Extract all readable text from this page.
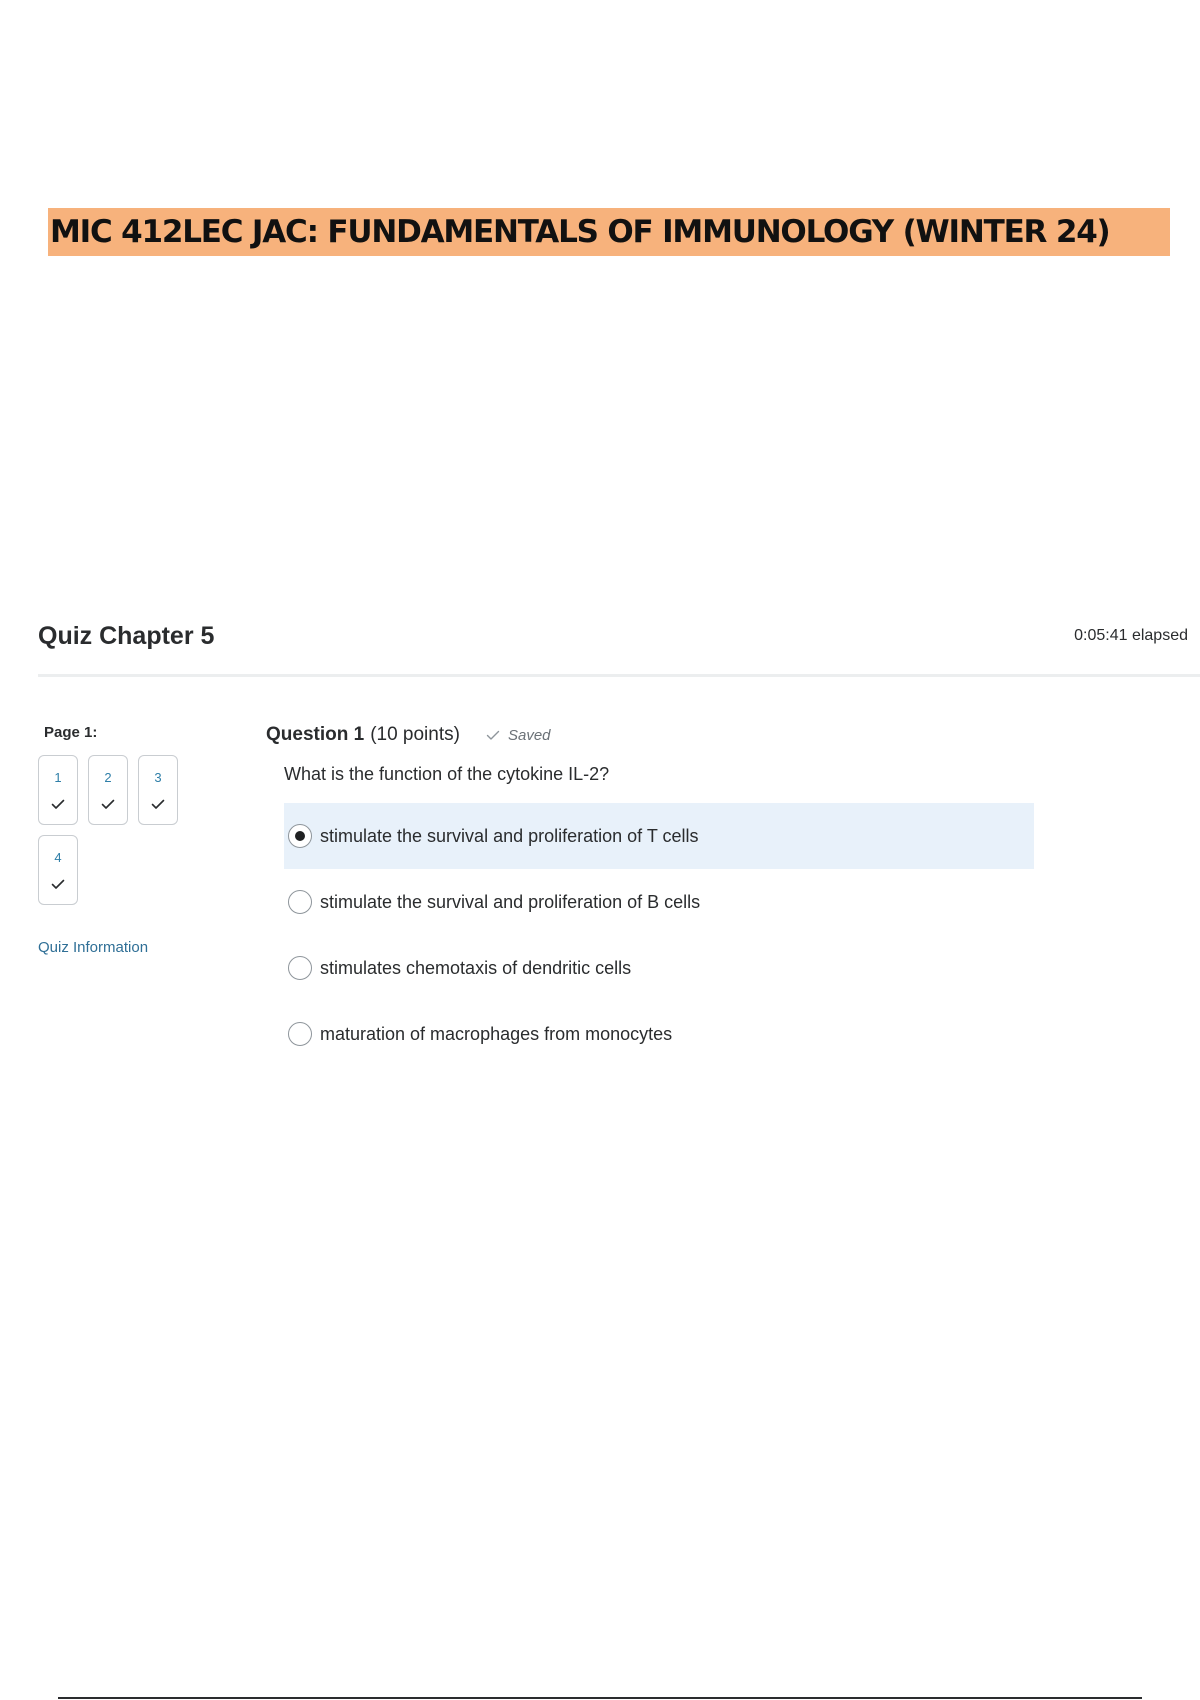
MIC 412LEC JAC: FUNDAMENTALS OF IMMUNOLOGY (WINTER 24)
Quiz Chapter 5	0:05:41 elapsed
Page 1:
1	2	3
4
Quiz Information
Question 1 (10 points)	Saved
What is the function of the cytokine IL-2?
stimulate the survival and proliferation of T cells
stimulate the survival and proliferation of B cells
stimulates chemotaxis of dendritic cells
maturation of macrophages from monocytes
